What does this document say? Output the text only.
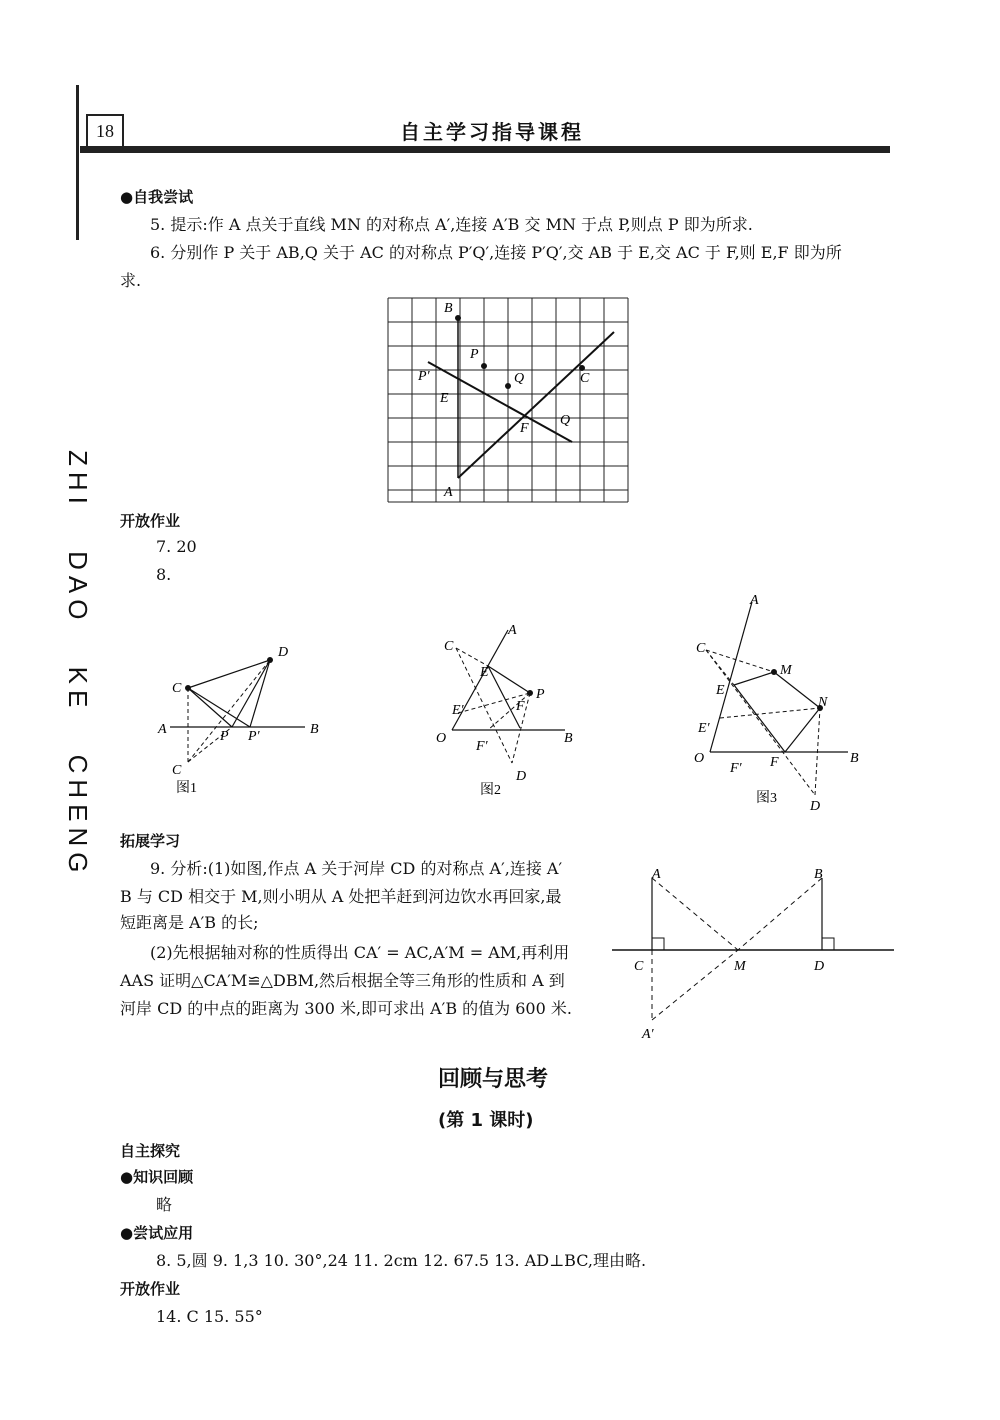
18	自主学习指导课程
ZHI DAO KE CHENG
●自我尝试
5. 提示:作 A 点关于直线 MN 的对称点 A′,连接 A′B 交 MN 于点 P,则点 P 即为所求.
6. 分别作 P 关于 AB,Q 关于 AC 的对称点 P′Q′,连接 P′Q′,交 AB 于 E,交 AC 于 F,则 E,F 即为所
求.
B
P
Q
P′	C
E
F
Q
A
开放作业
7. 20
8.
D
C
A	P P′	B
C
图1
A
C
E
P
E′	F
O
F′
B
D
图2
A
C
M
E
N
E′
O
F′ F	B
D
图3
拓展学习
9. 分析:(1)如图,作点 A 关于河岸 CD 的对称点 A′,连接 A′
B 与 CD 相交于 M,则小明从 A 处把羊赶到河边饮水再回家,最
短距离是 A′B 的长;
(2)先根据轴对称的性质得出 CA′ = AC,A′M = AM,再利用
AAS 证明△CA′M≌△DBM,然后根据全等三角形的性质和 A 到
河岸 CD 的中点的距离为 300 米,即可求出 A′B 的值为 600 米.
A	B
C	M	D
A′
回顾与思考
(第 1 课时)
自主探究
●知识回顾
略
●尝试应用
8. 5,圆 9. 1,3 10. 30°,24 11. 2cm 12. 67.5 13. AD⊥BC,理由略.
开放作业
14. C 15. 55°
